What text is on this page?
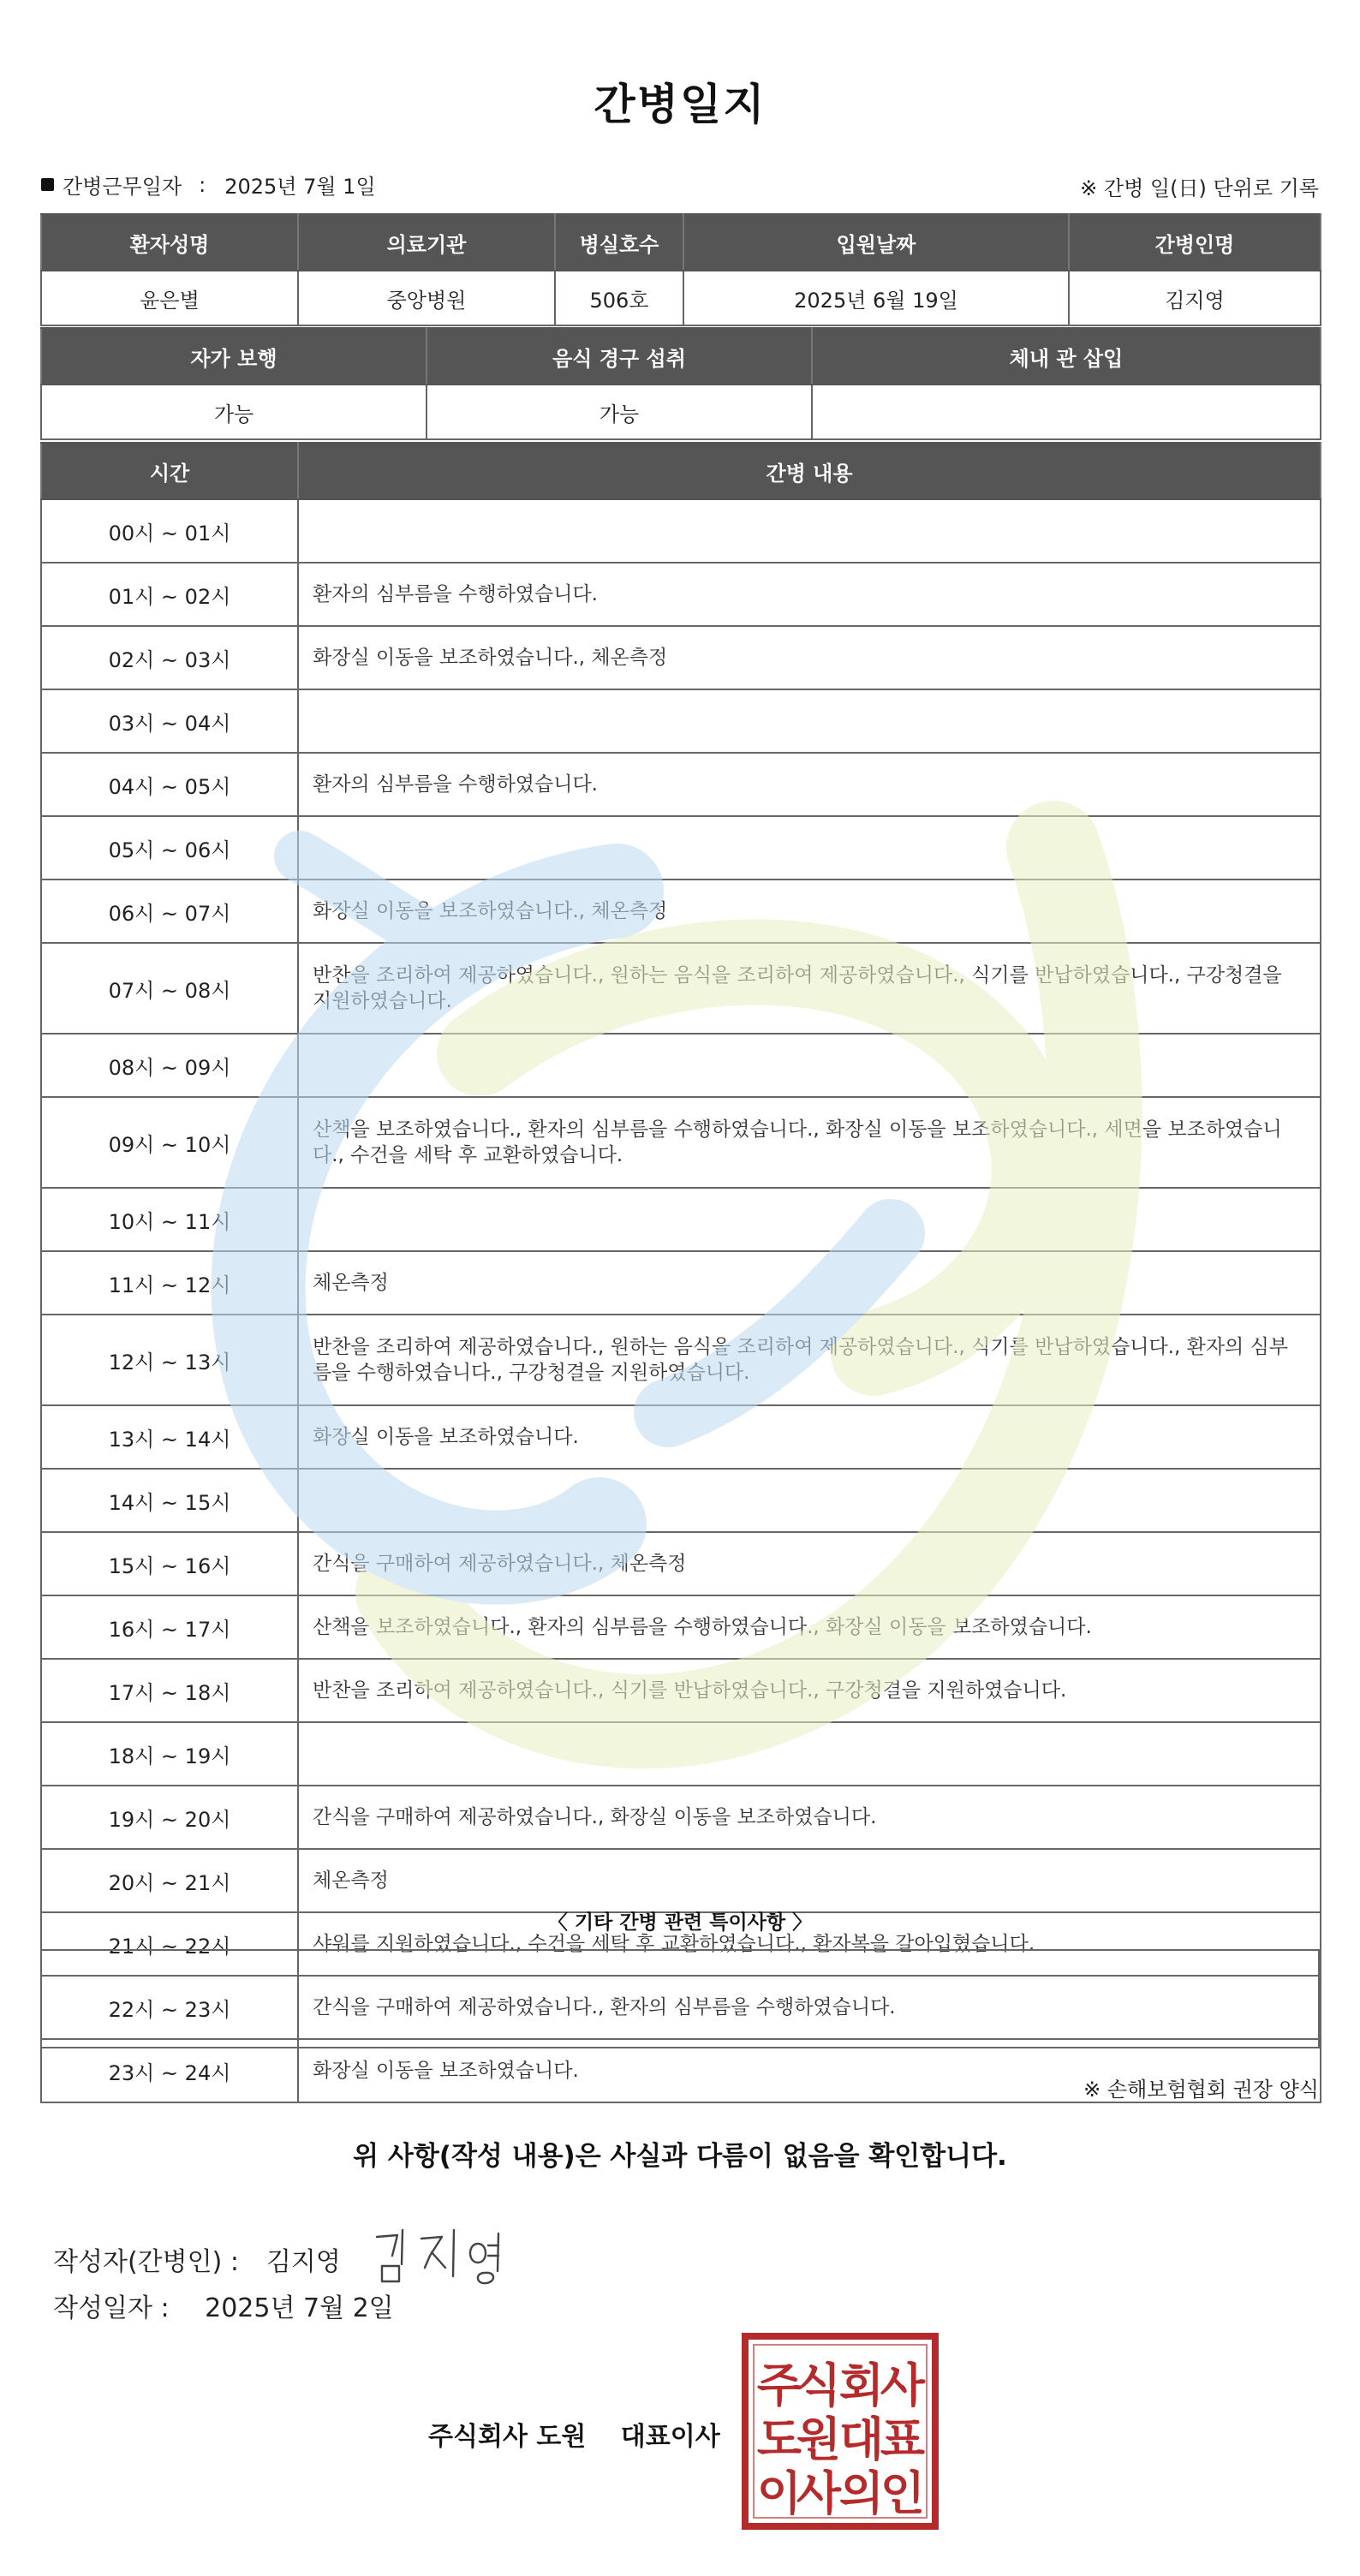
간병일지
간병근무일자 : 2025년 7월 1일	※ 간병 일(日) 단위로 기록
환자성명	의료기관	병실호수	입원날짜	간병인명
윤은별	중앙병원	506호	2025년 6월 19일	김지영
자가 보행	음식 경구 섭취	체내 관 삽입
가능	가능	
시간	간병 내용
00시 ~ 01시	
01시 ~ 02시	환자의 심부름을 수행하였습니다.
02시 ~ 03시	화장실 이동을 보조하였습니다., 체온측정
03시 ~ 04시	
04시 ~ 05시	환자의 심부름을 수행하였습니다.
05시 ~ 06시	
06시 ~ 07시	화장실 이동을 보조하였습니다., 체온측정
07시 ~ 08시	반찬을 조리하여 제공하였습니다., 원하는 음식을 조리하여 제공하였습니다., 식기를 반납하였습니다., 구강청결을 지원하였습니다.
08시 ~ 09시	
09시 ~ 10시	산책을 보조하였습니다., 환자의 심부름을 수행하였습니다., 화장실 이동을 보조하였습니다., 세면을 보조하였습니다., 수건을 세탁 후 교환하였습니다.
10시 ~ 11시	
11시 ~ 12시	체온측정
12시 ~ 13시	반찬을 조리하여 제공하였습니다., 원하는 음식을 조리하여 제공하였습니다., 식기를 반납하였습니다., 환자의 심부름을 수행하였습니다., 구강청결을 지원하였습니다.
13시 ~ 14시	화장실 이동을 보조하였습니다.
14시 ~ 15시	
15시 ~ 16시	간식을 구매하여 제공하였습니다., 체온측정
16시 ~ 17시	산책을 보조하였습니다., 환자의 심부름을 수행하였습니다., 화장실 이동을 보조하였습니다.
17시 ~ 18시	반찬을 조리하여 제공하였습니다., 식기를 반납하였습니다., 구강청결을 지원하였습니다.
18시 ~ 19시	
19시 ~ 20시	간식을 구매하여 제공하였습니다., 화장실 이동을 보조하였습니다.
20시 ~ 21시	체온측정
21시 ~ 22시	샤워를 지원하였습니다., 수건을 세탁 후 교환하였습니다., 환자복을 갈아입혔습니다.
22시 ~ 23시	간식을 구매하여 제공하였습니다., 환자의 심부름을 수행하였습니다.
23시 ~ 24시	화장실 이동을 보조하였습니다.
〈 기타 간병 관련 특이사항 〉
※ 손해보험협회 권장 양식
위 사항(작성 내용)은 사실과 다름이 없음을 확인합니다.
작성자(간병인) : 김지영
작성일자 : 2025년 7월 2일
주식회사 도원 대표이사
주
식
회
사
도
원
대
표
이
사
의
인
